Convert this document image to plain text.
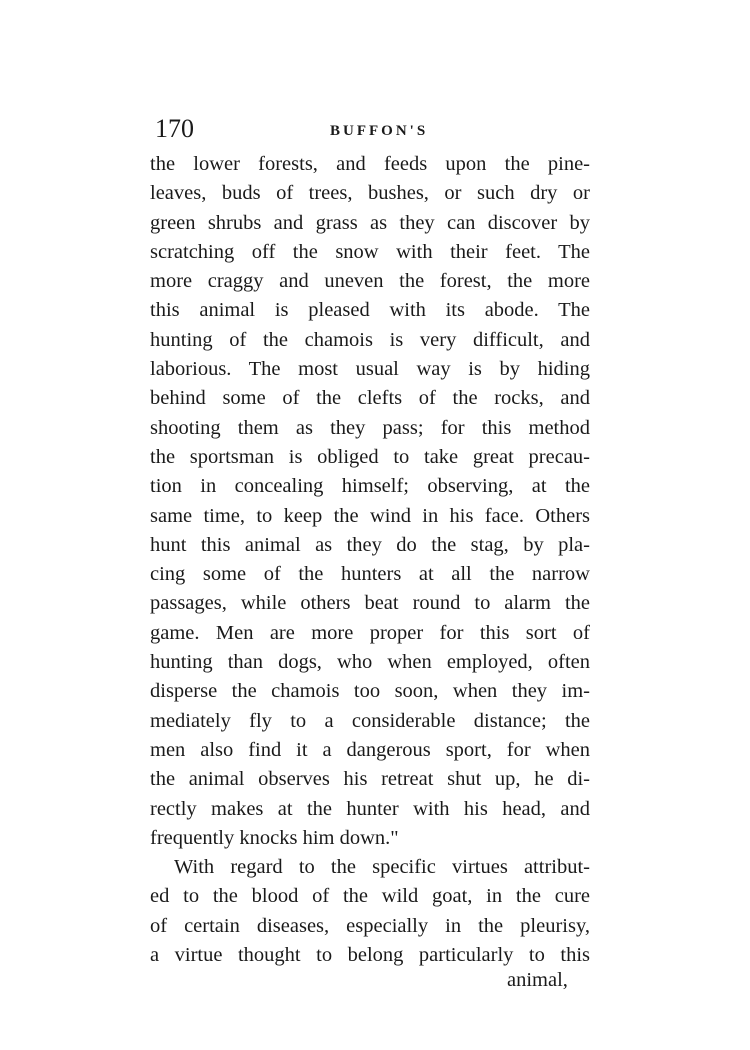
170	BUFFON'S
the lower forests, and feeds upon the pine-
leaves, buds of trees, bushes, or such dry or
green shrubs and grass as they can discover by
scratching off the snow with their feet. The
more craggy and uneven the forest, the more
this animal is pleased with its abode. The
hunting of the chamois is very difficult, and
laborious. The most usual way is by hiding
behind some of the clefts of the rocks, and
shooting them as they pass; for this method
the sportsman is obliged to take great precau-
tion in concealing himself; observing, at the
same time, to keep the wind in his face. Others
hunt this animal as they do the stag, by pla-
cing some of the hunters at all the narrow
passages, while others beat round to alarm the
game. Men are more proper for this sort of
hunting than dogs, who when employed, often
disperse the chamois too soon, when they im-
mediately fly to a considerable distance; the
men also find it a dangerous sport, for when
the animal observes his retreat shut up, he di-
rectly makes at the hunter with his head, and
frequently knocks him down."
With regard to the specific virtues attribut-
ed to the blood of the wild goat, in the cure
of certain diseases, especially in the pleurisy,
a virtue thought to belong particularly to this
animal,
